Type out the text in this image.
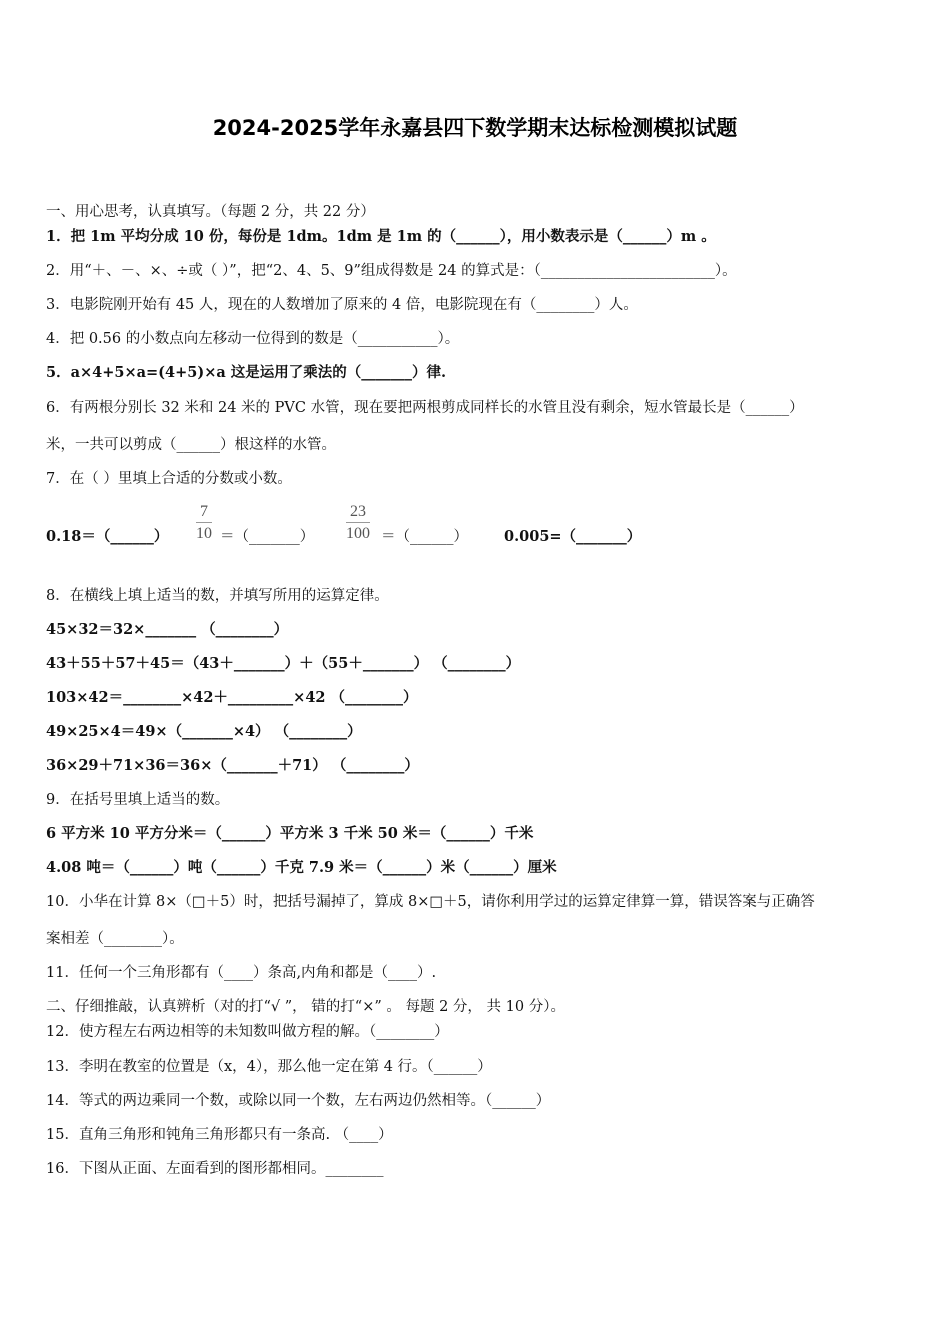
2024-2025学年永嘉县四下数学期末达标检测模拟试题
一、用心思考，认真填写。（每题 2 分，共 22 分）
1．把 1m 平均分成 10 份，每份是 1dm。1dm 是 1m 的（______），用小数表示是（______）m 。
2．用“＋、－、×、÷或（ ）”，把“2、4、5、9”组成得数是 24 的算式是：（________________________）。
3．电影院刚开始有 45 人，现在的人数增加了原来的 4 倍，电影院现在有（________）人。
4．把 0.56 的小数点向左移动一位得到的数是（___________）。
5．a×4+5×a=(4+5)×a 这是运用了乘法的（_______）律.
6．有两根分别长 32 米和 24 米的 PVC 水管，现在要把两根剪成同样长的水管且没有剩余，短水管最长是（______）
米，一共可以剪成（______）根这样的水管。
7．在（ ）里填上合适的分数或小数。
0.18＝（______） $\frac{7}{10}$ ＝（_______） $\frac{23}{100}$ ＝（______） 0.005=（_______）
8．在横线上填上适当的数，并填写所用的运算定律。
45×32＝32×_______ （________）
43＋55＋57＋45＝（43＋_______）＋（55＋_______） （________）
103×42＝________×42＋_________×42 （________）
49×25×4＝49×（_______×4） （________）
36×29＋71×36＝36×（_______＋71） （________）
9．在括号里填上适当的数。
6 平方米 10 平方分米＝（______）平方米 3 千米 50 米＝（______）千米
4.08 吨＝（______）吨（______）千克 7.9 米＝（______）米（______）厘米
10．小华在计算 8×（□＋5）时，把括号漏掉了，算成 8×□＋5，请你利用学过的运算定律算一算，错误答案与正确答
案相差（________）。
11．任何一个三角形都有（____）条高,内角和都是（____）.
二、仔细推敲，认真辨析（对的打“√ ”， 错的打“×” 。 每题 2 分， 共 10 分）。
12．使方程左右两边相等的未知数叫做方程的解。（________）
13．李明在教室的位置是（x，4），那么他一定在第 4 行。（______）
14．等式的两边乘同一个数，或除以同一个数，左右两边仍然相等。（______）
15．直角三角形和钝角三角形都只有一条高. （____）
16．下图从正面、左面看到的图形都相同。________
